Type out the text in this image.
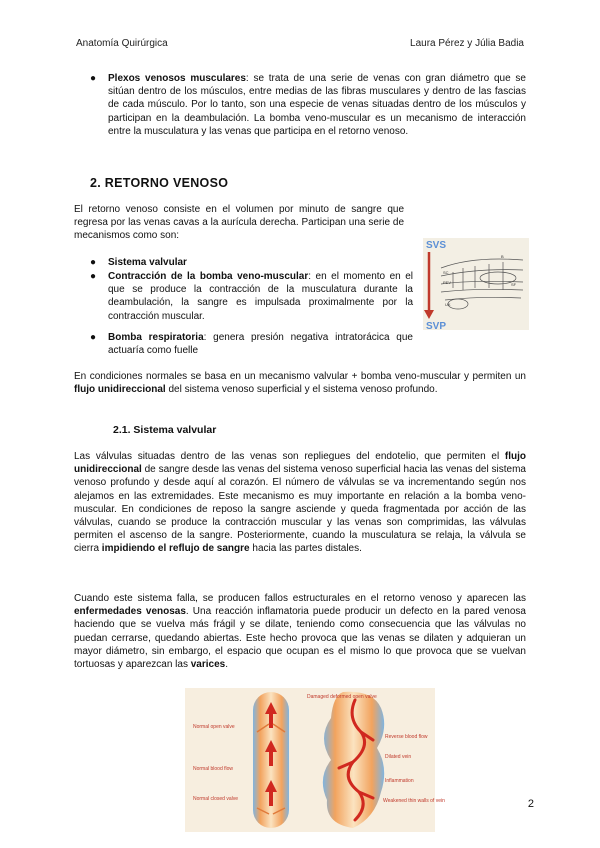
Anatomía Quirúrgica	Laura Pérez y Júlia Badia
● Plexos venosos musculares: se trata de una serie de venas con gran diámetro que se sitúan dentro de los músculos, entre medias de las fibras musculares y dentro de las fascias de cada músculo. Por lo tanto, son una especie de venas situadas dentro de los músculos y participan en la deambulación. La bomba veno-muscular es un mecanismo de interacción entre la musculatura y las venas que participa en el retorno venoso.

2. RETORNO VENOSO

El retorno venoso consiste en el volumen por minuto de sangre que regresa por las venas cavas a la aurícula derecha. Participan una serie de mecanismos como son:

● Sistema valvular

● Contracción de la bomba veno-muscular: en el momento en el que se produce la contracción de la musculatura durante la deambulación, la sangre es impulsada proximalmente por la contracción muscular.

● Bomba respiratoria: genera presión negativa intratorácica que actuaría como fuelle

SVS
SVP
B
SC
PEV	SF
UK

En condiciones normales se basa en un mecanismo valvular + bomba veno-muscular y permiten un flujo unidireccional del sistema venoso superficial y el sistema venoso profundo.

2.1. Sistema valvular

Las válvulas situadas dentro de las venas son repliegues del endotelio, que permiten el flujo unidireccional de sangre desde las venas del sistema venoso superficial hacia las venas del sistema venoso profundo y desde aquí al corazón. El número de válvulas se va incrementando según nos alejamos en las extremidades. Este mecanismo es muy importante en relación a la bomba veno-muscular. En condiciones de reposo la sangre asciende y queda fragmentada por acción de las válvulas, cuando se produce la contracción muscular y las venas son comprimidas, las válvulas permiten el ascenso de la sangre. Posteriormente, cuando la musculatura se relaja, la válvula se cierra impidiendo el reflujo de sangre hacia las partes distales.

Cuando este sistema falla, se producen fallos estructurales en el retorno venoso y aparecen las enfermedades venosas. Una reacción inflamatoria puede producir un defecto en la pared venosa haciendo que se vuelva más frágil y se dilate, teniendo como consecuencia que las válvulas no puedan cerrarse, quedando abiertas. Este hecho provoca que las venas se dilaten y adquieran un mayor diámetro, sin embargo, el espacio que ocupan es el mismo lo que provoca que se vuelvan tortuosas y aparezcan las varices.

Normal open valve
Normal blood flow
Normal closed valve
Damaged deformed open valve
Reverse blood flow
Dilated vein
Inflammation
Weakened thin walls of vein	2
